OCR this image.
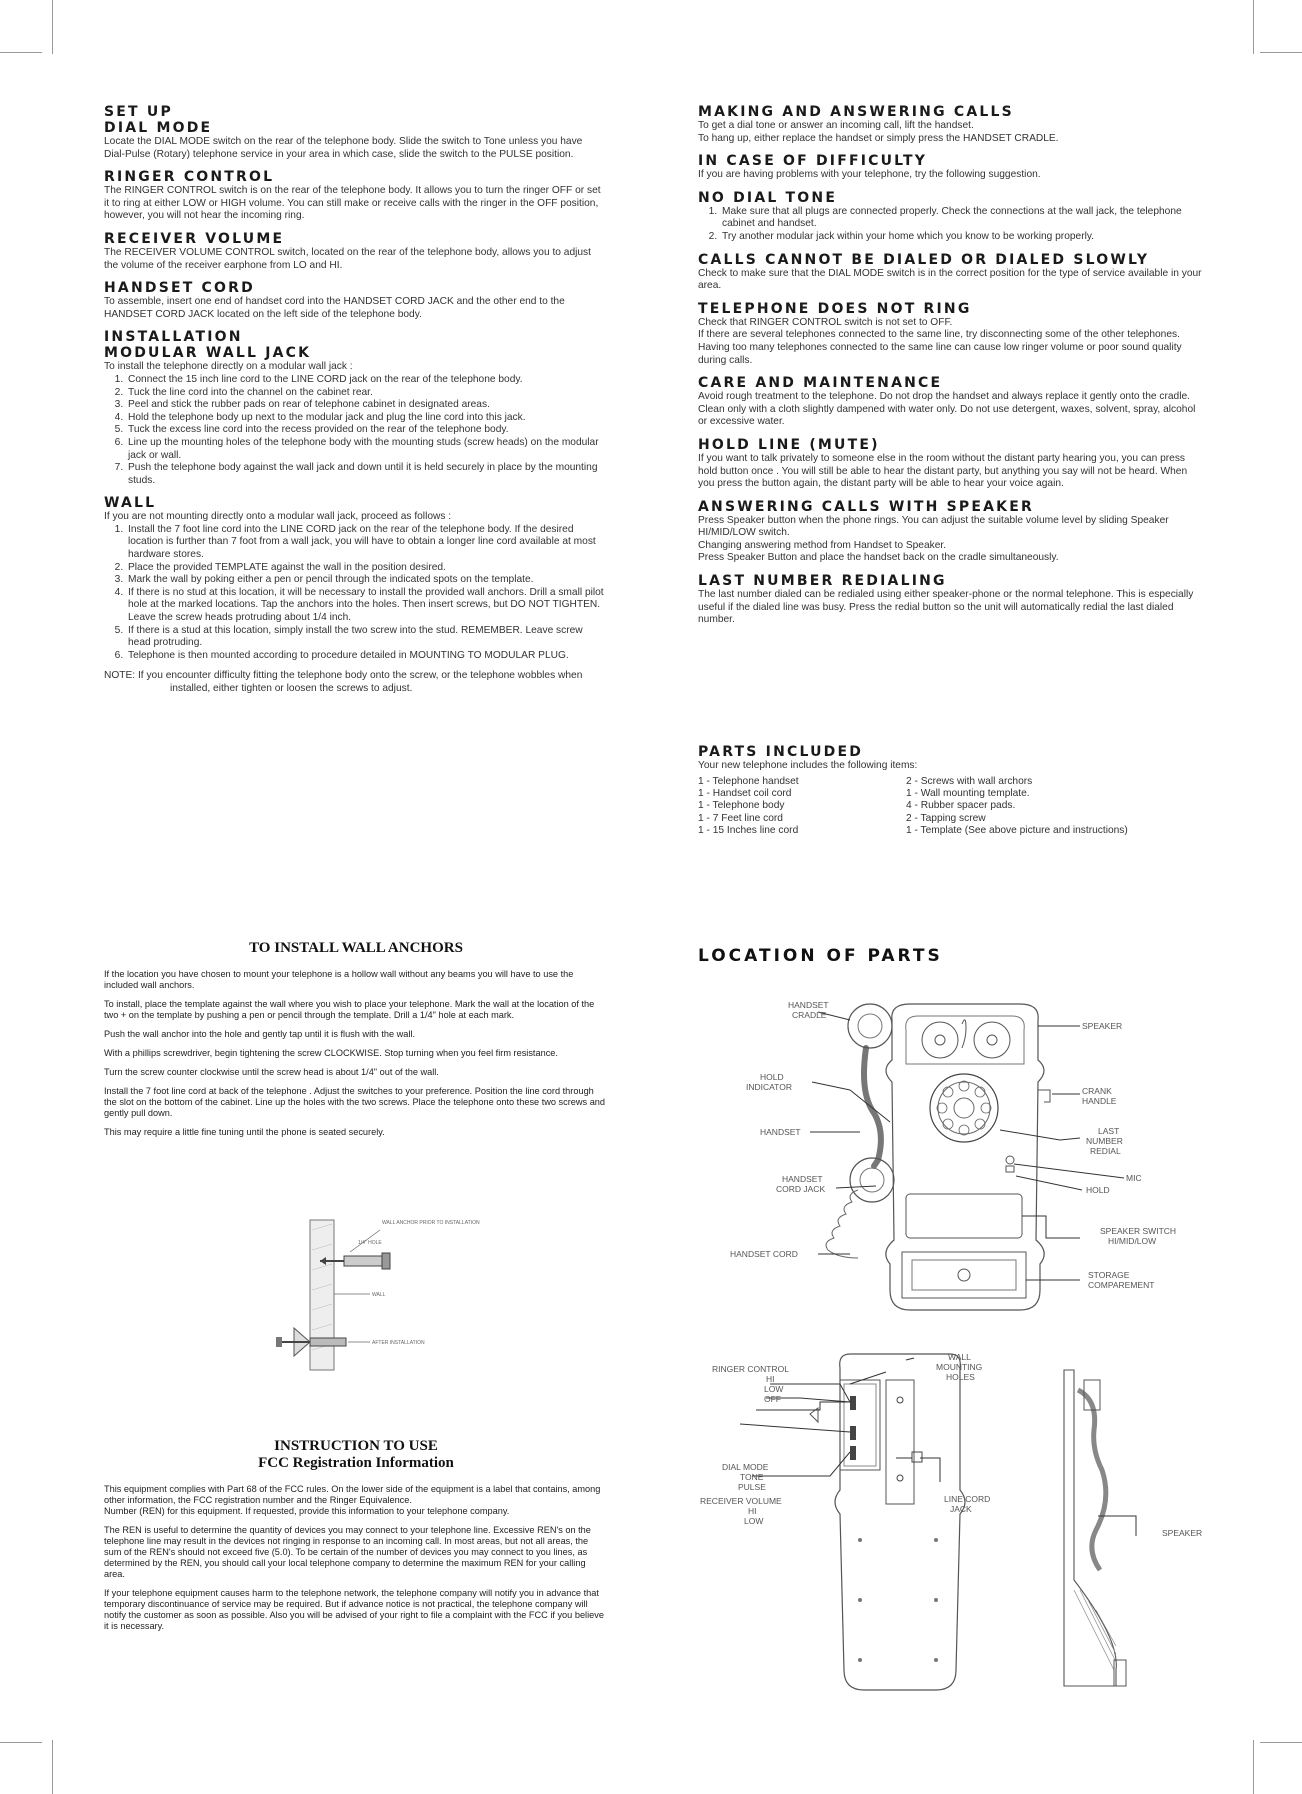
SET UP

DIAL MODE

Locate the DIAL MODE switch on the rear of the telephone body. Slide the switch to Tone unless you have Dial-Pulse (Rotary) telephone service in your area in which case, slide the switch to the PULSE position.

RINGER CONTROL

The RINGER CONTROL switch is on the rear of the telephone body. It allows you to turn the ringer OFF or set it to ring at either LOW or HIGH volume. You can still make or receive calls with the ringer in the OFF position, however, you will not hear the incoming ring.

RECEIVER VOLUME

The RECEIVER VOLUME CONTROL switch, located on the rear of the telephone body, allows you to adjust the volume of the receiver earphone from LO and HI.

HANDSET CORD

To assemble, insert one end of handset cord into the HANDSET CORD JACK and the other end to the HANDSET CORD JACK located on the left side of the telephone body.

INSTALLATION

MODULAR WALL JACK

To install the telephone directly on a modular wall jack :

1. Connect the 15 inch line cord to the LINE CORD jack on the rear of the telephone body.
2. Tuck the line cord into the channel on the cabinet rear.
3. Peel and stick the rubber pads on rear of telephone cabinet in designated areas.
4. Hold the telephone body up next to the modular jack and plug the line cord into this jack.
5. Tuck the excess line cord into the recess provided on the rear of the telephone body.
6. Line up the mounting holes of the telephone body with the mounting studs (screw heads) on the modular jack or wall.
7. Push the telephone body against the wall jack and down until it is held securely in place by the mounting studs.

WALL

If you are not mounting directly onto a modular wall jack, proceed as follows :

1. Install the 7 foot line cord into the LINE CORD jack on the rear of the telephone body. If the desired location is further than 7 foot from a wall jack, you will have to obtain a longer line cord available at most hardware stores.
2. Place the provided TEMPLATE against the wall in the position desired.
3. Mark the wall by poking either a pen or pencil through the indicated spots on the template.
4. If there is no stud at this location, it will be necessary to install the provided wall anchors. Drill a small pilot hole at the marked locations. Tap the anchors into the holes. Then insert screws, but DO NOT TIGHTEN. Leave the screw heads protruding about 1/4 inch.
5. If there is a stud at this location, simply install the two screw into the stud. REMEMBER. Leave screw head protruding.
6. Telephone is then mounted according to procedure detailed in MOUNTING TO MODULAR PLUG.

NOTE: If you encounter difficulty fitting the telephone body onto the screw, or the telephone wobbles when installed, either tighten or loosen the screws to adjust.

MAKING AND ANSWERING CALLS

To get a dial tone or answer an incoming call, lift the handset.

To hang up, either replace the handset or simply press the HANDSET CRADLE.

IN CASE OF DIFFICULTY

If you are having problems with your telephone, try the following suggestion.

NO DIAL TONE

1. Make sure that all plugs are connected properly. Check the connections at the wall jack, the telephone cabinet and handset.
2. Try another modular jack within your home which you know to be working properly.

CALLS CANNOT BE DIALED OR DIALED SLOWLY

Check to make sure that the DIAL MODE switch is in the correct position for the type of service available in your area.

TELEPHONE DOES NOT RING

Check that RINGER CONTROL switch is not set to OFF.

If there are several telephones connected to the same line, try disconnecting some of the other telephones. Having too many telephones connected to the same line can cause low ringer volume or poor sound quality during calls.

CARE AND MAINTENANCE

Avoid rough treatment to the telephone. Do not drop the handset and always replace it gently onto the cradle.

Clean only with a cloth slightly dampened with water only. Do not use detergent, waxes, solvent, spray, alcohol or excessive water.

HOLD LINE (MUTE)

If you want to talk privately to someone else in the room without the distant party hearing you, you can press hold button once . You will still be able to hear the distant party, but anything you say will not be heard. When you press the button again, the distant party will be able to hear your voice again.

ANSWERING CALLS WITH SPEAKER

Press Speaker button when the phone rings. You can adjust the suitable volume level by sliding Speaker HI/MID/LOW switch.

Changing answering method from Handset to Speaker.

Press Speaker Button and place the handset back on the cradle simultaneously.

LAST NUMBER REDIALING

The last number dialed can be redialed using either speaker-phone or the normal telephone. This is especially useful if the dialed line was busy. Press the redial button so the unit will automatically redial the last dialed number.

PARTS INCLUDED

Your new telephone includes the following items:

1 - Telephone handset
1 - Handset coil cord
1 - Telephone body
1 - 7 Feet line cord
1 - 15 Inches line cord
2 - Screws with wall archors
1 - Wall mounting template.
4 - Rubber spacer pads.
2 - Tapping screw
1 - Template (See above picture and instructions)

TO INSTALL WALL ANCHORS

If the location you have chosen to mount your telephone is a hollow wall without any beams you will have to use the included wall anchors.

To install, place the template against the wall where you wish to place your telephone. Mark the wall at the location of the two + on the template by pushing a pen or pencil through the template. Drill a 1/4" hole at each mark.

Push the wall anchor into the hole and gently tap until it is flush with the wall.

With a phillips screwdriver, begin tightening the screw CLOCKWISE. Stop turning when you feel firm resistance.

Turn the screw counter clockwise until the screw head is about 1/4" out of the wall.

Install the 7 foot line cord at back of the telephone . Adjust the switches to your preference. Position the line cord through the slot on the bottom of the cabinet. Line up the holes with the two screws. Place the telephone onto these two screws and gently pull down.

This may require a little fine tuning until the phone is seated securely.

WALL ANCHOR PRIOR TO INSTALLATION
1/4" HOLE
WALL
AFTER INSTALLATION

INSTRUCTION TO USE

FCC Registration Information

This equipment complies with Part 68 of the FCC rules. On the lower side of the equipment is a label that contains, among other information, the FCC registration number and the Ringer Equivalence.

Number (REN) for this equipment. If requested, provide this information to your telephone company.

The REN is useful to determine the quantity of devices you may connect to your telephone line. Excessive REN's on the telephone line may result in the devices not ringing in response to an incoming call. In most areas, but not all areas, the sum of the REN's should not exceed five (5.0). To be certain of the number of devices you may connect to you lines, as determined by the REN, you should call your local telephone company to determine the maximum REN for your calling area.

If your telephone equipment causes harm to the telephone network, the telephone company will notify you in advance that temporary discontinuance of service may be required. But if advance notice is not practical, the telephone company will notify the customer as soon as possible. Also you will be advised of your right to file a complaint with the FCC if you believe it is necessary.

LOCATION OF PARTS

HANDSET
CRADLE
HOLD
INDICATOR
HANDSET
HANDSET
CORD JACK
HANDSET CORD
SPEAKER
CRANK
HANDLE
LAST
NUMBER
REDIAL
MIC
HOLD
SPEAKER SWITCH
HI/MID/LOW
STORAGE
COMPAREMENT
RINGER CONTROL
HI
LOW
OFF
WALL
MOUNTING
HOLES
DIAL MODE
TONE
PULSE
RECEIVER VOLUME
HI
LOW
LINE CORD
JACK
SPEAKER
